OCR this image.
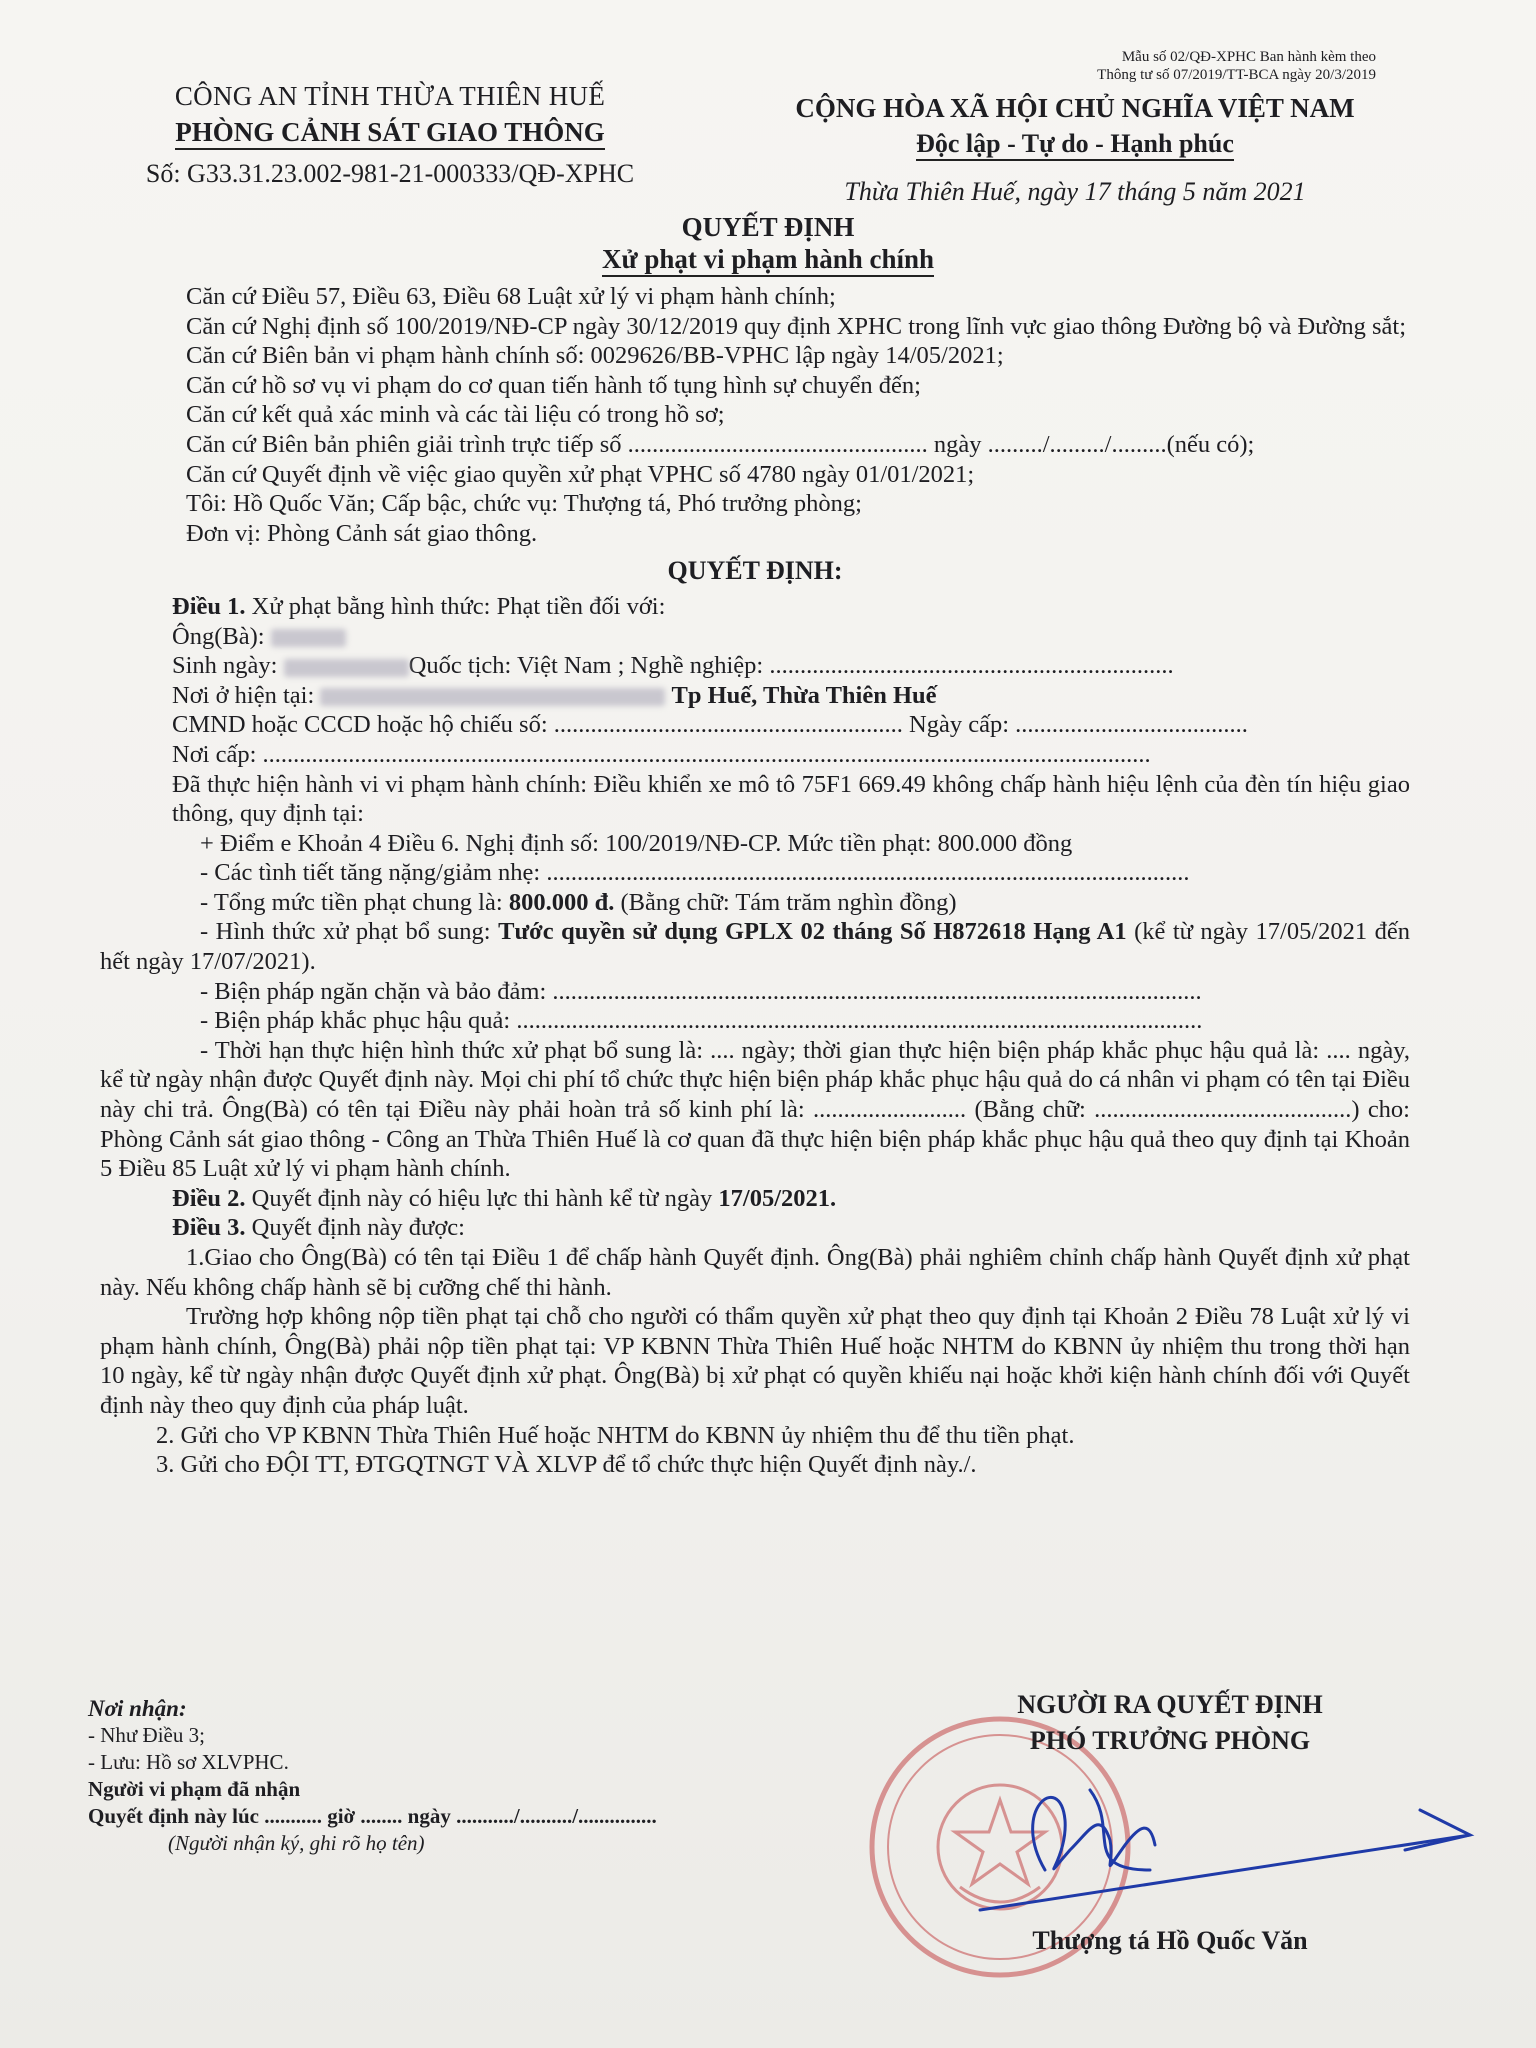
Mẫu số 02/QĐ-XPHC Ban hành kèm theo
Thông tư số 07/2019/TT-BCA ngày 20/3/2019
CÔNG AN TỈNH THỪA THIÊN HUẾ
PHÒNG CẢNH SÁT GIAO THÔNG
Số: G33.31.23.002-981-21-000333/QĐ-XPHC
CỘNG HÒA XÃ HỘI CHỦ NGHĨA VIỆT NAM
Độc lập - Tự do - Hạnh phúc
Thừa Thiên Huế, ngày 17 tháng 5 năm 2021
QUYẾT ĐỊNH
Xử phạt vi phạm hành chính

Căn cứ Điều 57, Điều 63, Điều 68 Luật xử lý vi phạm hành chính;

Căn cứ Nghị định số 100/2019/NĐ-CP ngày 30/12/2019 quy định XPHC trong lĩnh vực giao thông Đường bộ và Đường sắt;

Căn cứ Biên bản vi phạm hành chính số: 0029626/BB-VPHC lập ngày 14/05/2021;

Căn cứ hồ sơ vụ vi phạm do cơ quan tiến hành tố tụng hình sự chuyển đến;

Căn cứ kết quả xác minh và các tài liệu có trong hồ sơ;

Căn cứ Biên bản phiên giải trình trực tiếp số ................................................. ngày ........./........./.........(nếu có);

Căn cứ Quyết định về việc giao quyền xử phạt VPHC số 4780 ngày 01/01/2021;

Tôi: Hồ Quốc Văn; Cấp bậc, chức vụ: Thượng tá, Phó trưởng phòng;

Đơn vị: Phòng Cảnh sát giao thông.

QUYẾT ĐỊNH:

Điều 1. Xử phạt bằng hình thức: Phạt tiền đối với:

Ông(Bà):

Sinh ngày:	Quốc tịch: Việt Nam ; Nghề nghiệp: ..................................................................

Nơi ở hiện tại:	Tp Huế, Thừa Thiên Huế

CMND hoặc CCCD hoặc hộ chiếu số: ......................................................... Ngày cấp: ......................................

Nơi cấp: .................................................................................................................................................

Đã thực hiện hành vi vi phạm hành chính: Điều khiển xe mô tô 75F1 669.49 không chấp hành hiệu lệnh của đèn tín hiệu giao thông, quy định tại:

+ Điểm e Khoản 4 Điều 6. Nghị định số: 100/2019/NĐ-CP. Mức tiền phạt: 800.000 đồng

- Các tình tiết tăng nặng/giảm nhẹ: .........................................................................................................

- Tổng mức tiền phạt chung là: 800.000 đ. (Bằng chữ: Tám trăm nghìn đồng)

- Hình thức xử phạt bổ sung: Tước quyền sử dụng GPLX 02 tháng Số H872618 Hạng A1 (kể từ ngày 17/05/2021 đến hết ngày 17/07/2021).

- Biện pháp ngăn chặn và bảo đảm: ..........................................................................................................

- Biện pháp khắc phục hậu quả: ................................................................................................................

- Thời hạn thực hiện hình thức xử phạt bổ sung là: .... ngày; thời gian thực hiện biện pháp khắc phục hậu quả là: .... ngày, kể từ ngày nhận được Quyết định này. Mọi chi phí tổ chức thực hiện biện pháp khắc phục hậu quả do cá nhân vi phạm có tên tại Điều này chi trả. Ông(Bà) có tên tại Điều này phải hoàn trả số kinh phí là: ......................... (Bằng chữ: ..........................................) cho: Phòng Cảnh sát giao thông - Công an Thừa Thiên Huế là cơ quan đã thực hiện biện pháp khắc phục hậu quả theo quy định tại Khoản 5 Điều 85 Luật xử lý vi phạm hành chính.

Điều 2. Quyết định này có hiệu lực thi hành kể từ ngày 17/05/2021.

Điều 3. Quyết định này được:

1.Giao cho Ông(Bà) có tên tại Điều 1 để chấp hành Quyết định. Ông(Bà) phải nghiêm chỉnh chấp hành Quyết định xử phạt này. Nếu không chấp hành sẽ bị cưỡng chế thi hành.

Trường hợp không nộp tiền phạt tại chỗ cho người có thẩm quyền xử phạt theo quy định tại Khoản 2 Điều 78 Luật xử lý vi phạm hành chính, Ông(Bà) phải nộp tiền phạt tại: VP KBNN Thừa Thiên Huế hoặc NHTM do KBNN ủy nhiệm thu trong thời hạn 10 ngày, kể từ ngày nhận được Quyết định xử phạt. Ông(Bà) bị xử phạt có quyền khiếu nại hoặc khởi kiện hành chính đối với Quyết định này theo quy định của pháp luật.

2. Gửi cho VP KBNN Thừa Thiên Huế hoặc NHTM do KBNN ủy nhiệm thu để thu tiền phạt.

3. Gửi cho ĐỘI TT, ĐTGQTNGT VÀ XLVP để tổ chức thực hiện Quyết định này./.

Nơi nhận:
- Như Điều 3;
- Lưu: Hồ sơ XLVPHC.
Người vi phạm đã nhận
Quyết định này lúc ........... giờ ........ ngày .........../........../...............
(Người nhận ký, ghi rõ họ tên)
NGƯỜI RA QUYẾT ĐỊNH
PHÓ TRƯỞNG PHÒNG
Thượng tá Hồ Quốc Văn
